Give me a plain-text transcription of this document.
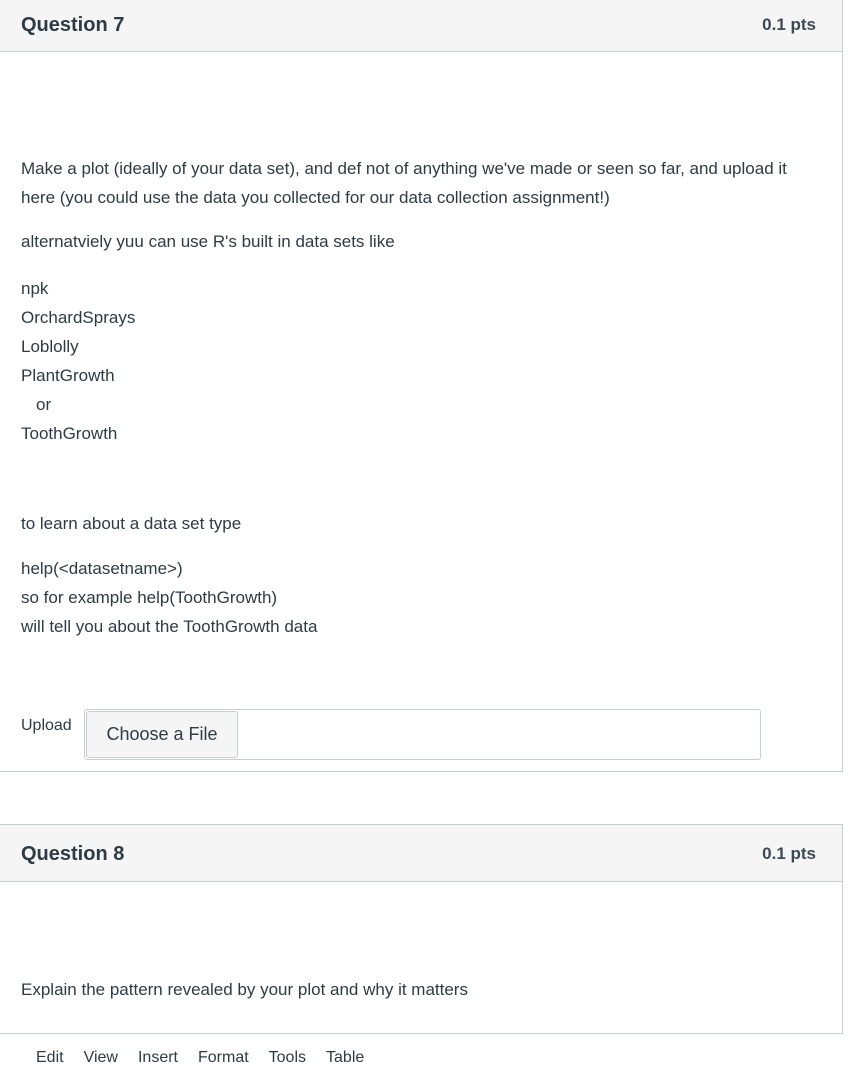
Question 7	0.1 pts

Make a plot (ideally of your data set), and def not of anything we've made or seen so far, and upload it here (you could use the data you collected for our data collection assignment!)

alternatviely yuu can use R's built in data sets like

npk
OrchardSprays
Loblolly
PlantGrowth
or
ToothGrowth

to learn about a data set type

help(<datasetname>)
so for example help(ToothGrowth)
will tell you about the ToothGrowth data
Upload	Choose a File
Question 8	0.1 pts

Explain the pattern revealed by your plot and why it matters

Edit View Insert Format Tools Table
